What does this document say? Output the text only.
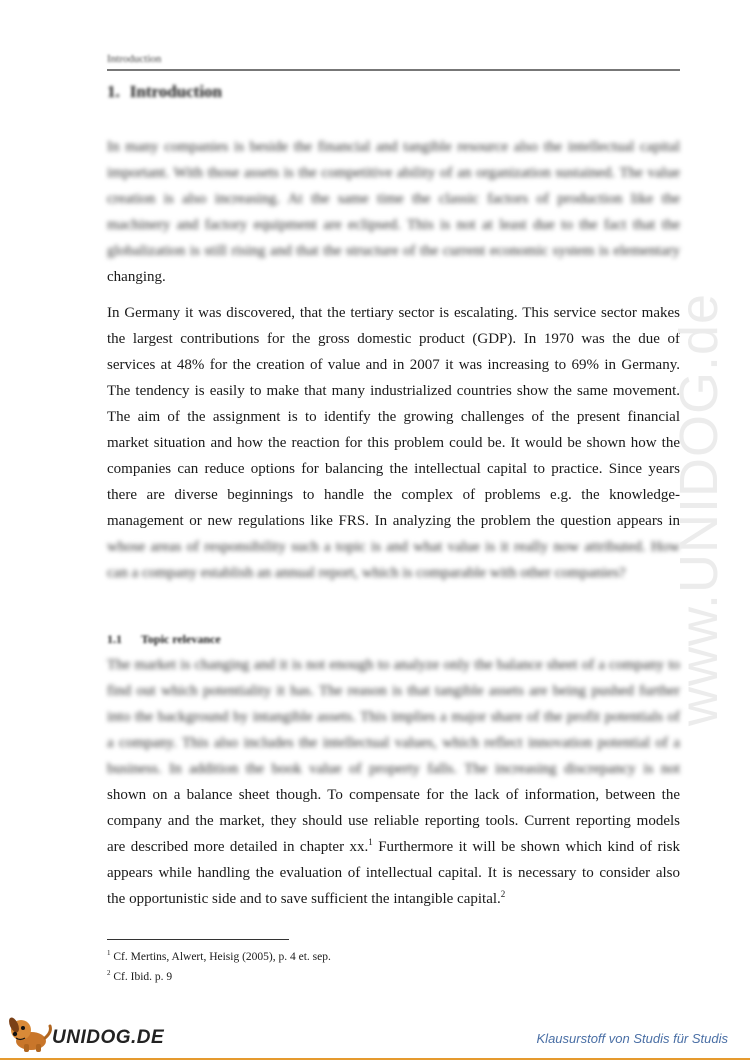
Introduction
1. Introduction
In many companies is beside the financial and tangible resource also the intellectual capital
important. With those assets is the competitive ability of an organization sustained. The value
creation is also increasing. At the same time the classic factors of production like the
machinery and factory equipment are eclipsed. This is not at least due to the fact that the
globalization is still rising and that the structure of the current economic system is elementary
changing.
In Germany it was discovered, that the tertiary sector is escalating. This service sector makes
the largest contributions for the gross domestic product (GDP). In 1970 was the due of
services at 48% for the creation of value and in 2007 it was increasing to 69% in Germany.
The tendency is easily to make that many industrialized countries show the same movement.
The aim of the assignment is to identify the growing challenges of the present financial
market situation and how the reaction for this problem could be. It would be shown how the
companies can reduce options for balancing the intellectual capital to practice. Since years
there are diverse beginnings to handle the complex of problems e.g. the knowledge-
management or new regulations like FRS. In analyzing the problem the question appears in
whose areas of responsibility such a topic is and what value is it really now attributed. How
can a company establish an annual report, which is comparable with other companies?
1.1 Topic relevance
The market is changing and it is not enough to analyze only the balance sheet of a company to
find out which potentiality it has. The reason is that tangible assets are being pushed further
into the background by intangible assets. This implies a major share of the profit potentials of
a company. This also includes the intellectual values, which reflect innovation potential of a
business. In addition the book value of property falls. The increasing discrepancy is not
shown on a balance sheet though. To compensate for the lack of information, between the
company and the market, they should use reliable reporting tools. Current reporting models
are described more detailed in chapter xx.$^1$ Furthermore it will be shown which kind of risk
appears while handling the evaluation of intellectual capital. It is necessary to consider also
the opportunistic side and to save sufficient the intangible capital.$^2$

$^1$ Cf. Mertins, Alwert, Heisig (2005), p. 4 et. sep.

$^2$ Cf. Ibid. p. 9

www.UNIDOG.de
UNIDOG.DE	Klausurstoff von Studis für Studis
